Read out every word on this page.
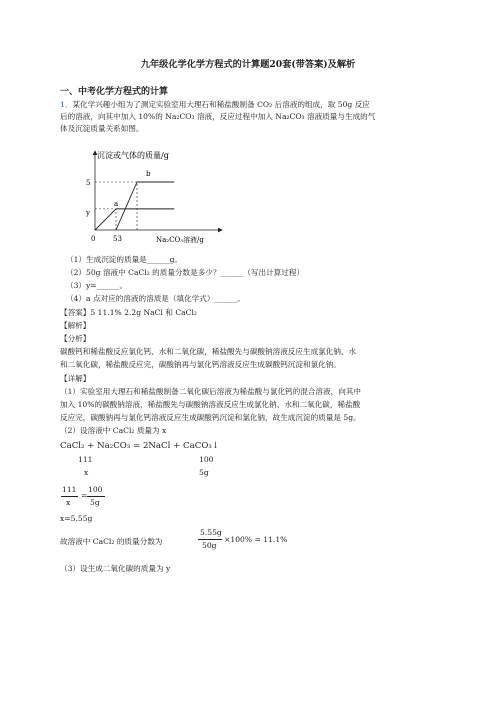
九年级化学化学方程式的计算题20套(带答案)及解析
一、中考化学方程式的计算
1．某化学兴趣小组为了测定实验室用大理石和稀盐酸制备 CO₂ 后溶液的组成，取 50g 反应
后的溶液，向其中加入 10%的 Na₂CO₃ 溶液，反应过程中加入 Na₂CO₃ 溶液质量与生成的气
体及沉淀质量关系如图。
沉淀或气体的质量/g
Na₂CO₃溶液/g
0	53
5
y
a
b
（1）生成沉淀的质量是______g。
（2）50g 溶液中 CaCl₂ 的质量分数是多少？______（写出计算过程）
（3）y=______。
（4）a 点对应的溶液的溶质是（填化学式）______。
【答案】5 11.1% 2.2g NaCl 和 CaCl₂
【解析】
【分析】
碳酸钙和稀盐酸反应氯化钙、水和二氧化碳，稀盐酸先与碳酸钠溶液反应生成氯化钠、水
和二氧化碳，稀盐酸反应完，碳酸钠再与氯化钙溶液反应生成碳酸钙沉淀和氯化钠。
【详解】
（1）实验室用大理石和稀盐酸制备二氧化碳后溶液为稀盐酸与氯化钙的混合溶液，向其中
加入 10%的碳酸钠溶液，稀盐酸先与碳酸钠溶液反应生成氯化钠、水和二氧化碳，稀盐酸
反应完，碳酸钠再与氯化钙溶液反应生成碳酸钙沉淀和氯化钠，故生成沉淀的质量是 5g。
（2）设溶液中 CaCl₂ 质量为 x
CaCl₂ + Na₂CO₃ = 2NaCl + CaCO₃↓
111	100
x	5g
111
x
=
100
5g
x=5.55g
故溶液中 CaCl₂ 的质量分数为
5.55g
50g
×100% = 11.1%
（3）设生成二氧化碳的质量为 y
